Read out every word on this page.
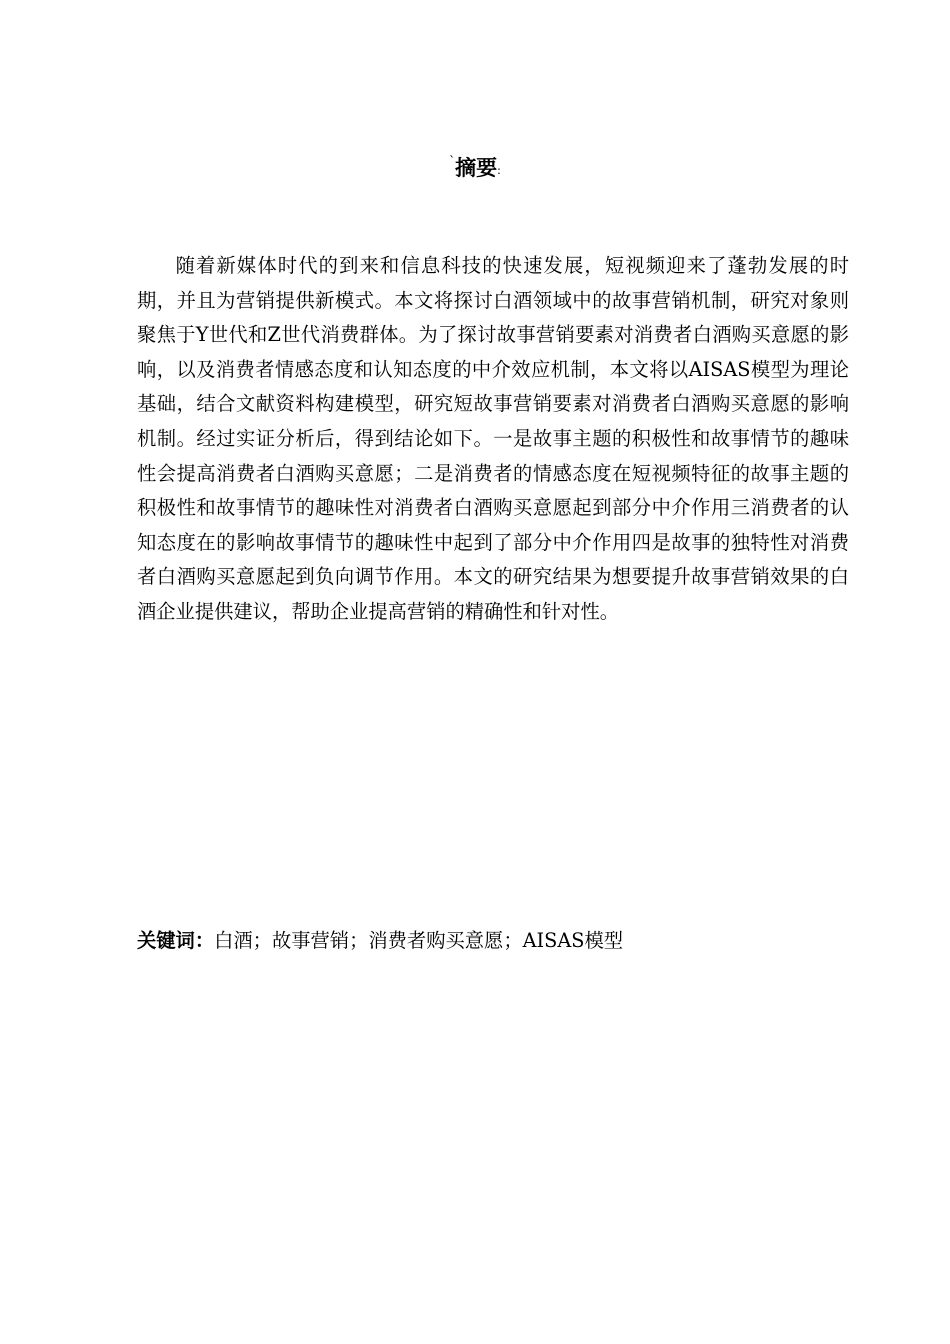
`摘要:

随着新媒体时代的到来和信息科技的快速发展，短视频迎来了蓬勃发展的时期，并且为营销提供新模式。本文将探讨白酒领域中的故事营销机制，研究对象则聚焦于Y世代和Z世代消费群体。为了探讨故事营销要素对消费者白酒购买意愿的影响，以及消费者情感态度和认知态度的中介效应机制，本文将以AISAS模型为理论基础，结合文献资料构建模型，研究短故事营销要素对消费者白酒购买意愿的影响机制。经过实证分析后，得到结论如下。一是故事主题的积极性和故事情节的趣味性会提高消费者白酒购买意愿；二是消费者的情感态度在短视频特征的故事主题的积极性和故事情节的趣味性对消费者白酒购买意愿起到部分中介作用三消费者的认知态度在的影响故事情节的趣味性中起到了部分中介作用四是故事的独特性对消费者白酒购买意愿起到负向调节作用。本文的研究结果为想要提升故事营销效果的白酒企业提供建议，帮助企业提高营销的精确性和针对性。

关键词：白酒；故事营销；消费者购买意愿；AISAS模型
